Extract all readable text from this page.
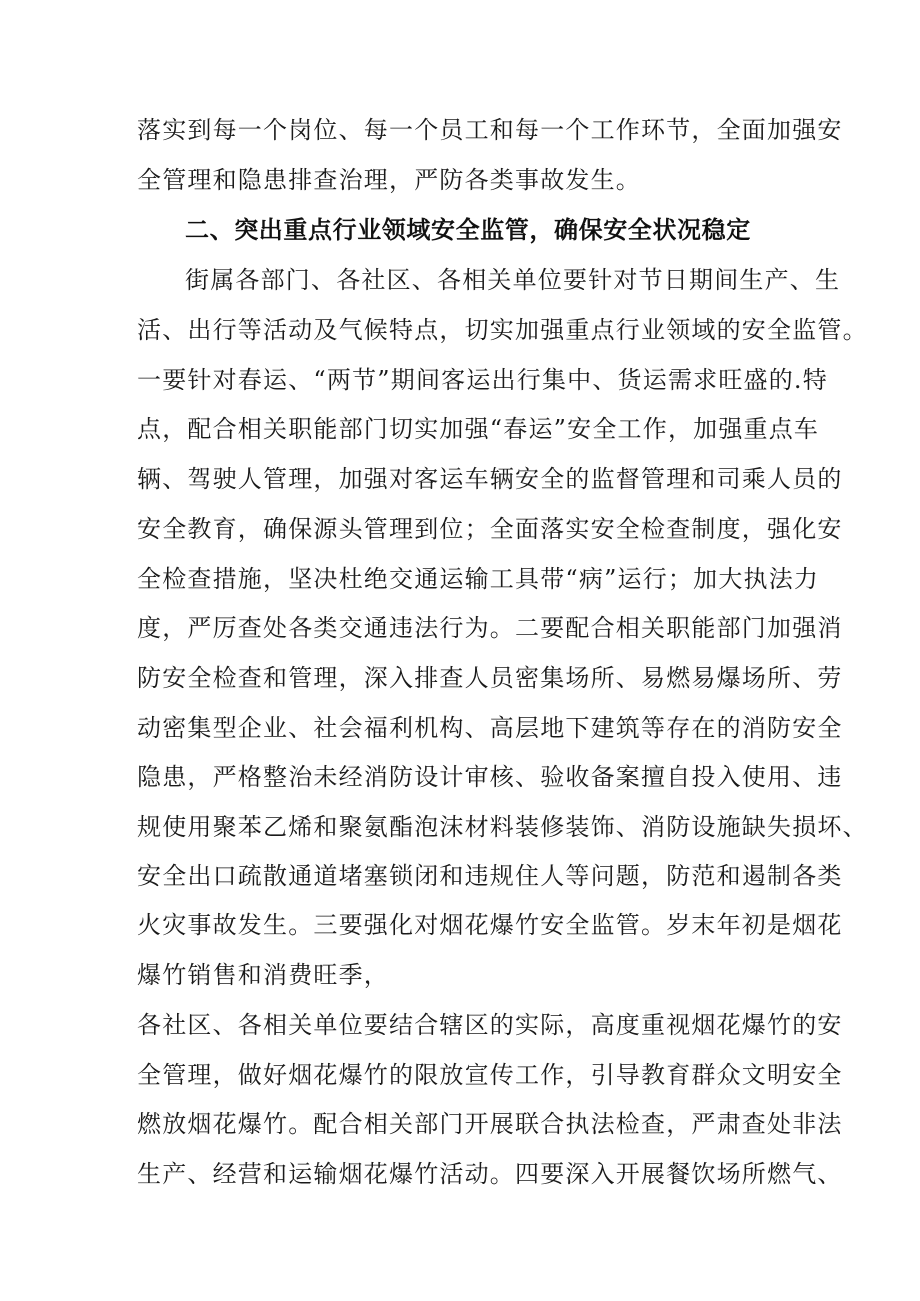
落实到每一个岗位、每一个员工和每一个工作环节，全面加强安
全管理和隐患排查治理，严防各类事故发生。
二、突出重点行业领域安全监管，确保安全状况稳定
街属各部门、各社区、各相关单位要针对节日期间生产、生
活、出行等活动及气候特点，切实加强重点行业领域的安全监管。
一要针对春运、“两节”期间客运出行集中、货运需求旺盛的.特
点，配合相关职能部门切实加强“春运”安全工作，加强重点车
辆、驾驶人管理，加强对客运车辆安全的监督管理和司乘人员的
安全教育，确保源头管理到位；全面落实安全检查制度，强化安
全检查措施，坚决杜绝交通运输工具带“病”运行；加大执法力
度，严厉查处各类交通违法行为。二要配合相关职能部门加强消
防安全检查和管理，深入排查人员密集场所、易燃易爆场所、劳
动密集型企业、社会福利机构、高层地下建筑等存在的消防安全
隐患，严格整治未经消防设计审核、验收备案擅自投入使用、违
规使用聚苯乙烯和聚氨酯泡沫材料装修装饰、消防设施缺失损坏、
安全出口疏散通道堵塞锁闭和违规住人等问题，防范和遏制各类
火灾事故发生。三要强化对烟花爆竹安全监管。岁末年初是烟花
爆竹销售和消费旺季，
各社区、各相关单位要结合辖区的实际，高度重视烟花爆竹的安
全管理，做好烟花爆竹的限放宣传工作，引导教育群众文明安全
燃放烟花爆竹。配合相关部门开展联合执法检查，严肃查处非法
生产、经营和运输烟花爆竹活动。四要深入开展餐饮场所燃气、
